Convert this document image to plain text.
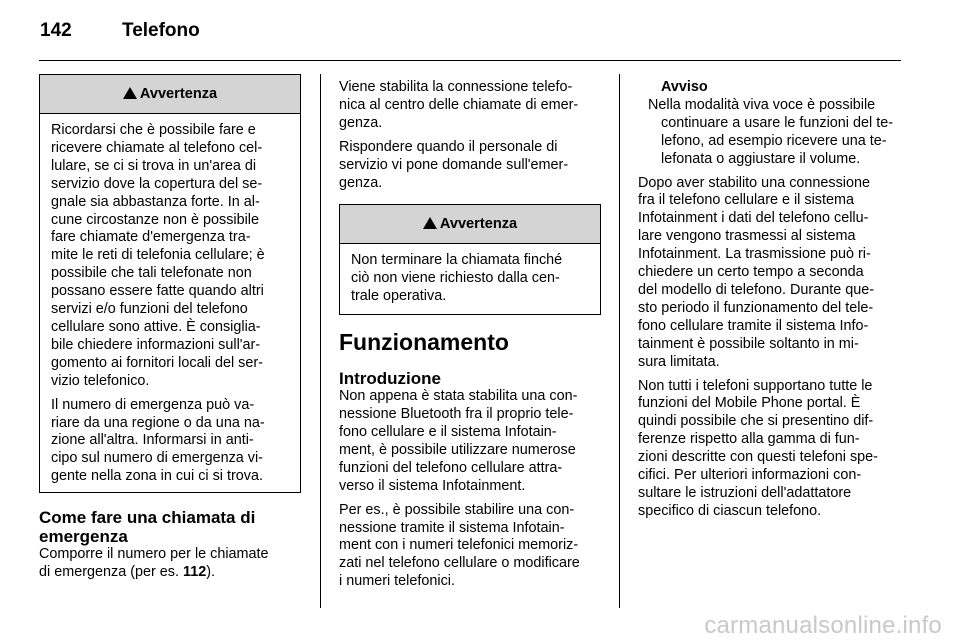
142	Telefono
Avvertenza

Ricordarsi che è possibile fare e
ricevere chiamate al telefono cel-
lulare, se ci si trova in un'area di
servizio dove la copertura del se-
gnale sia abbastanza forte. In al-
cune circostanze non è possibile
fare chiamate d'emergenza tra-
mite le reti di telefonia cellulare; è
possibile che tali telefonate non
possano essere fatte quando altri
servizi e/o funzioni del telefono
cellulare sono attive. È consiglia-
bile chiedere informazioni sull'ar-
gomento ai fornitori locali del ser-
vizio telefonico.

Il numero di emergenza può va-
riare da una regione o da una na-
zione all'altra. Informarsi in anti-
cipo sul numero di emergenza vi-
gente nella zona in cui ci si trova.

Come fare una chiamata di
emergenza

Comporre il numero per le chiamate
di emergenza (per es. 112).

Viene stabilita la connessione telefo-
nica al centro delle chiamate di emer-
genza.

Rispondere quando il personale di
servizio vi pone domande sull'emer-
genza.

Avvertenza

Non terminare la chiamata finché
ciò non viene richiesto dalla cen-
trale operativa.

Funzionamento
Introduzione

Non appena è stata stabilita una con-
nessione Bluetooth fra il proprio tele-
fono cellulare e il sistema Infotain-
ment, è possibile utilizzare numerose
funzioni del telefono cellulare attra-
verso il sistema Infotainment.

Per es., è possibile stabilire una con-
nessione tramite il sistema Infotain-
ment con i numeri telefonici memoriz-
zati nel telefono cellulare o modificare
i numeri telefonici.

Avviso

Nella modalità viva voce è possibile
continuare a usare le funzioni del te-
lefono, ad esempio ricevere una te-
lefonata o aggiustare il volume.

Dopo aver stabilito una connessione
fra il telefono cellulare e il sistema
Infotainment i dati del telefono cellu-
lare vengono trasmessi al sistema
Infotainment. La trasmissione può ri-
chiedere un certo tempo a seconda
del modello di telefono. Durante que-
sto periodo il funzionamento del tele-
fono cellulare tramite il sistema Info-
tainment è possibile soltanto in mi-
sura limitata.

Non tutti i telefoni supportano tutte le
funzioni del Mobile Phone portal. È
quindi possibile che si presentino dif-
ferenze rispetto alla gamma di fun-
zioni descritte con questi telefoni spe-
cifici. Per ulteriori informazioni con-
sultare le istruzioni dell'adattatore
specifico di ciascun telefono.

carmanualsonline.info
